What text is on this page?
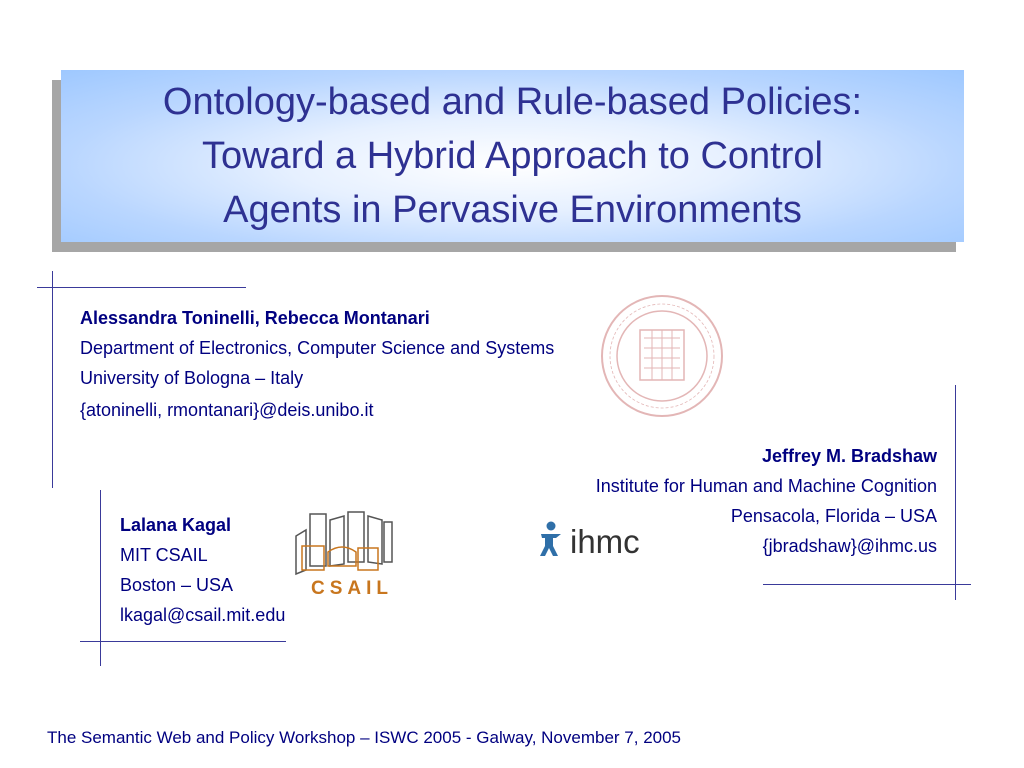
Ontology-based and Rule-based Policies:
Toward a Hybrid Approach to Control
Agents in Pervasive Environments
Alessandra Toninelli, Rebecca Montanari
Department of Electronics, Computer Science and Systems
University of Bologna – Italy
{atoninelli, rmontanari}@deis.unibo.it
Jeffrey M. Bradshaw
Institute for Human and Machine Cognition
Pensacola, Florida – USA
{jbradshaw}@ihmc.us
Lalana Kagal
MIT CSAIL
Boston – USA
lkagal@csail.mit.edu
CSAIL
ihmc
The Semantic Web and Policy Workshop – ISWC 2005 - Galway, November 7, 2005
